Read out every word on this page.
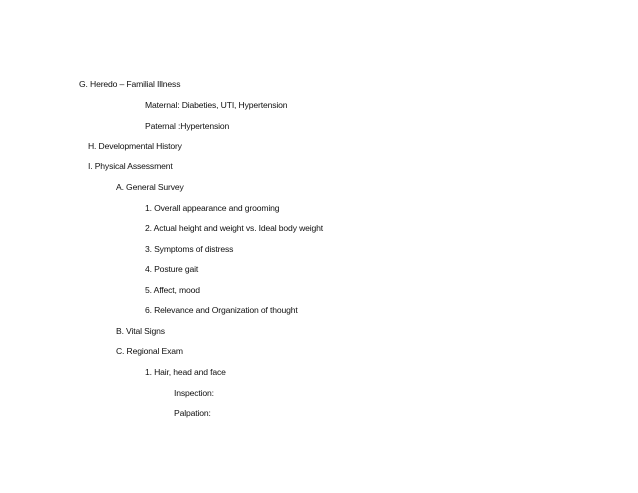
G. Heredo – Familial Illness
Maternal: Diabeties, UTI, Hypertension
Paternal :Hypertension
H. Developmental History
I. Physical Assessment
A. General Survey
1. Overall appearance and grooming
2. Actual height and weight vs. Ideal body weight
3. Symptoms of distress
4. Posture gait
5. Affect, mood
6. Relevance and Organization of thought
B. Vital Signs
C. Regional Exam
1. Hair, head and face
Inspection:
Palpation:
